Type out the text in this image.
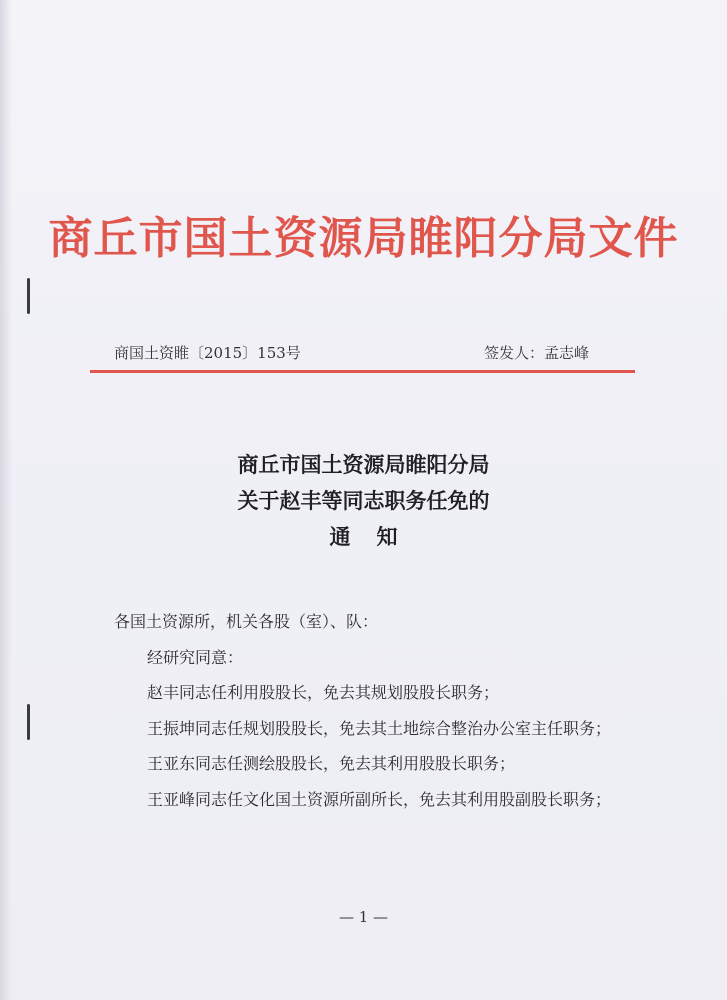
商丘市国土资源局睢阳分局文件
商国土资睢〔2015〕153号	签发人：孟志峰
商丘市国土资源局睢阳分局
关于赵丰等同志职务任免的
通知

各国土资源所，机关各股（室）、队：

经研究同意：

赵丰同志任利用股股长，免去其规划股股长职务；

王振坤同志任规划股股长，免去其土地综合整治办公室主任职务；

王亚东同志任测绘股股长，免去其利用股股长职务；

王亚峰同志任文化国土资源所副所长，免去其利用股副股长职务；

— 1 —
